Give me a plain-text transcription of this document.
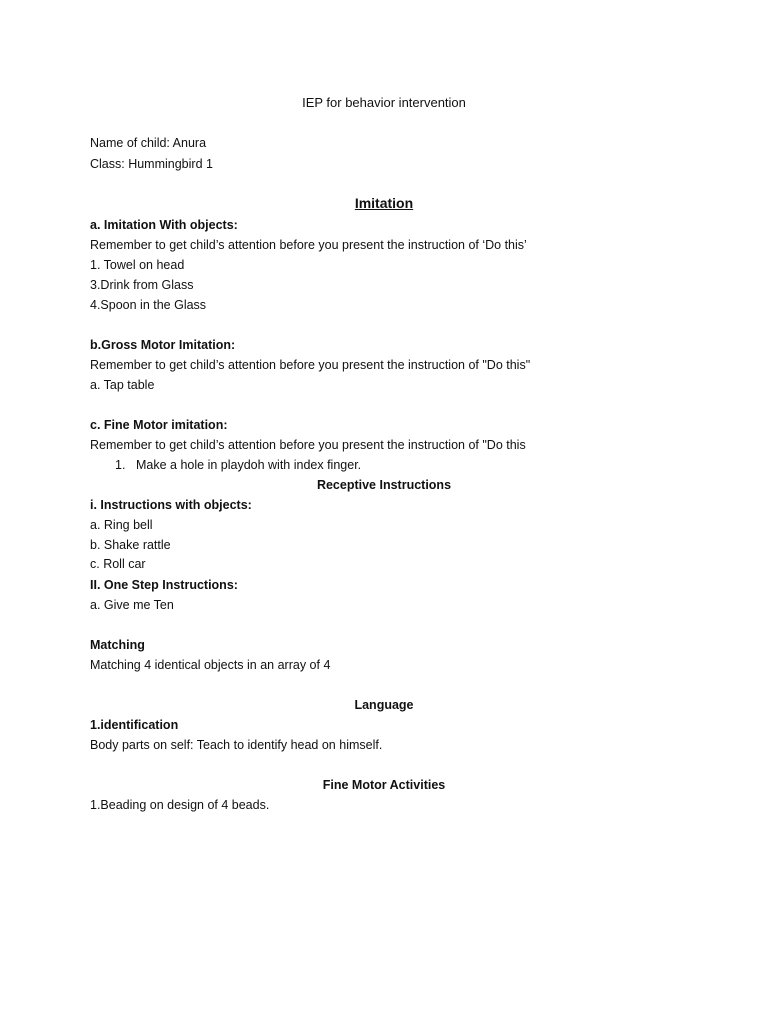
IEP for behavior intervention
Name of child: Anura
Class: Hummingbird 1
Imitation
a. Imitation With objects:
Remember to get child’s attention before you present the instruction of ‘Do this’
1. Towel on head
3.Drink from Glass
4.Spoon in the Glass
b.Gross Motor Imitation:
Remember to get child’s attention before you present the instruction of "Do this"
a. Tap table
c. Fine Motor imitation:
Remember to get child’s attention before you present the instruction of "Do this
1. Make a hole in playdoh with index finger.
Receptive Instructions
i. Instructions with objects:
a. Ring bell
b. Shake rattle
c. Roll car
II. One Step Instructions:
a. Give me Ten
Matching
Matching 4 identical objects in an array of 4
Language
1.identification
Body parts on self: Teach to identify head on himself.
Fine Motor Activities
1.Beading on design of 4 beads.
